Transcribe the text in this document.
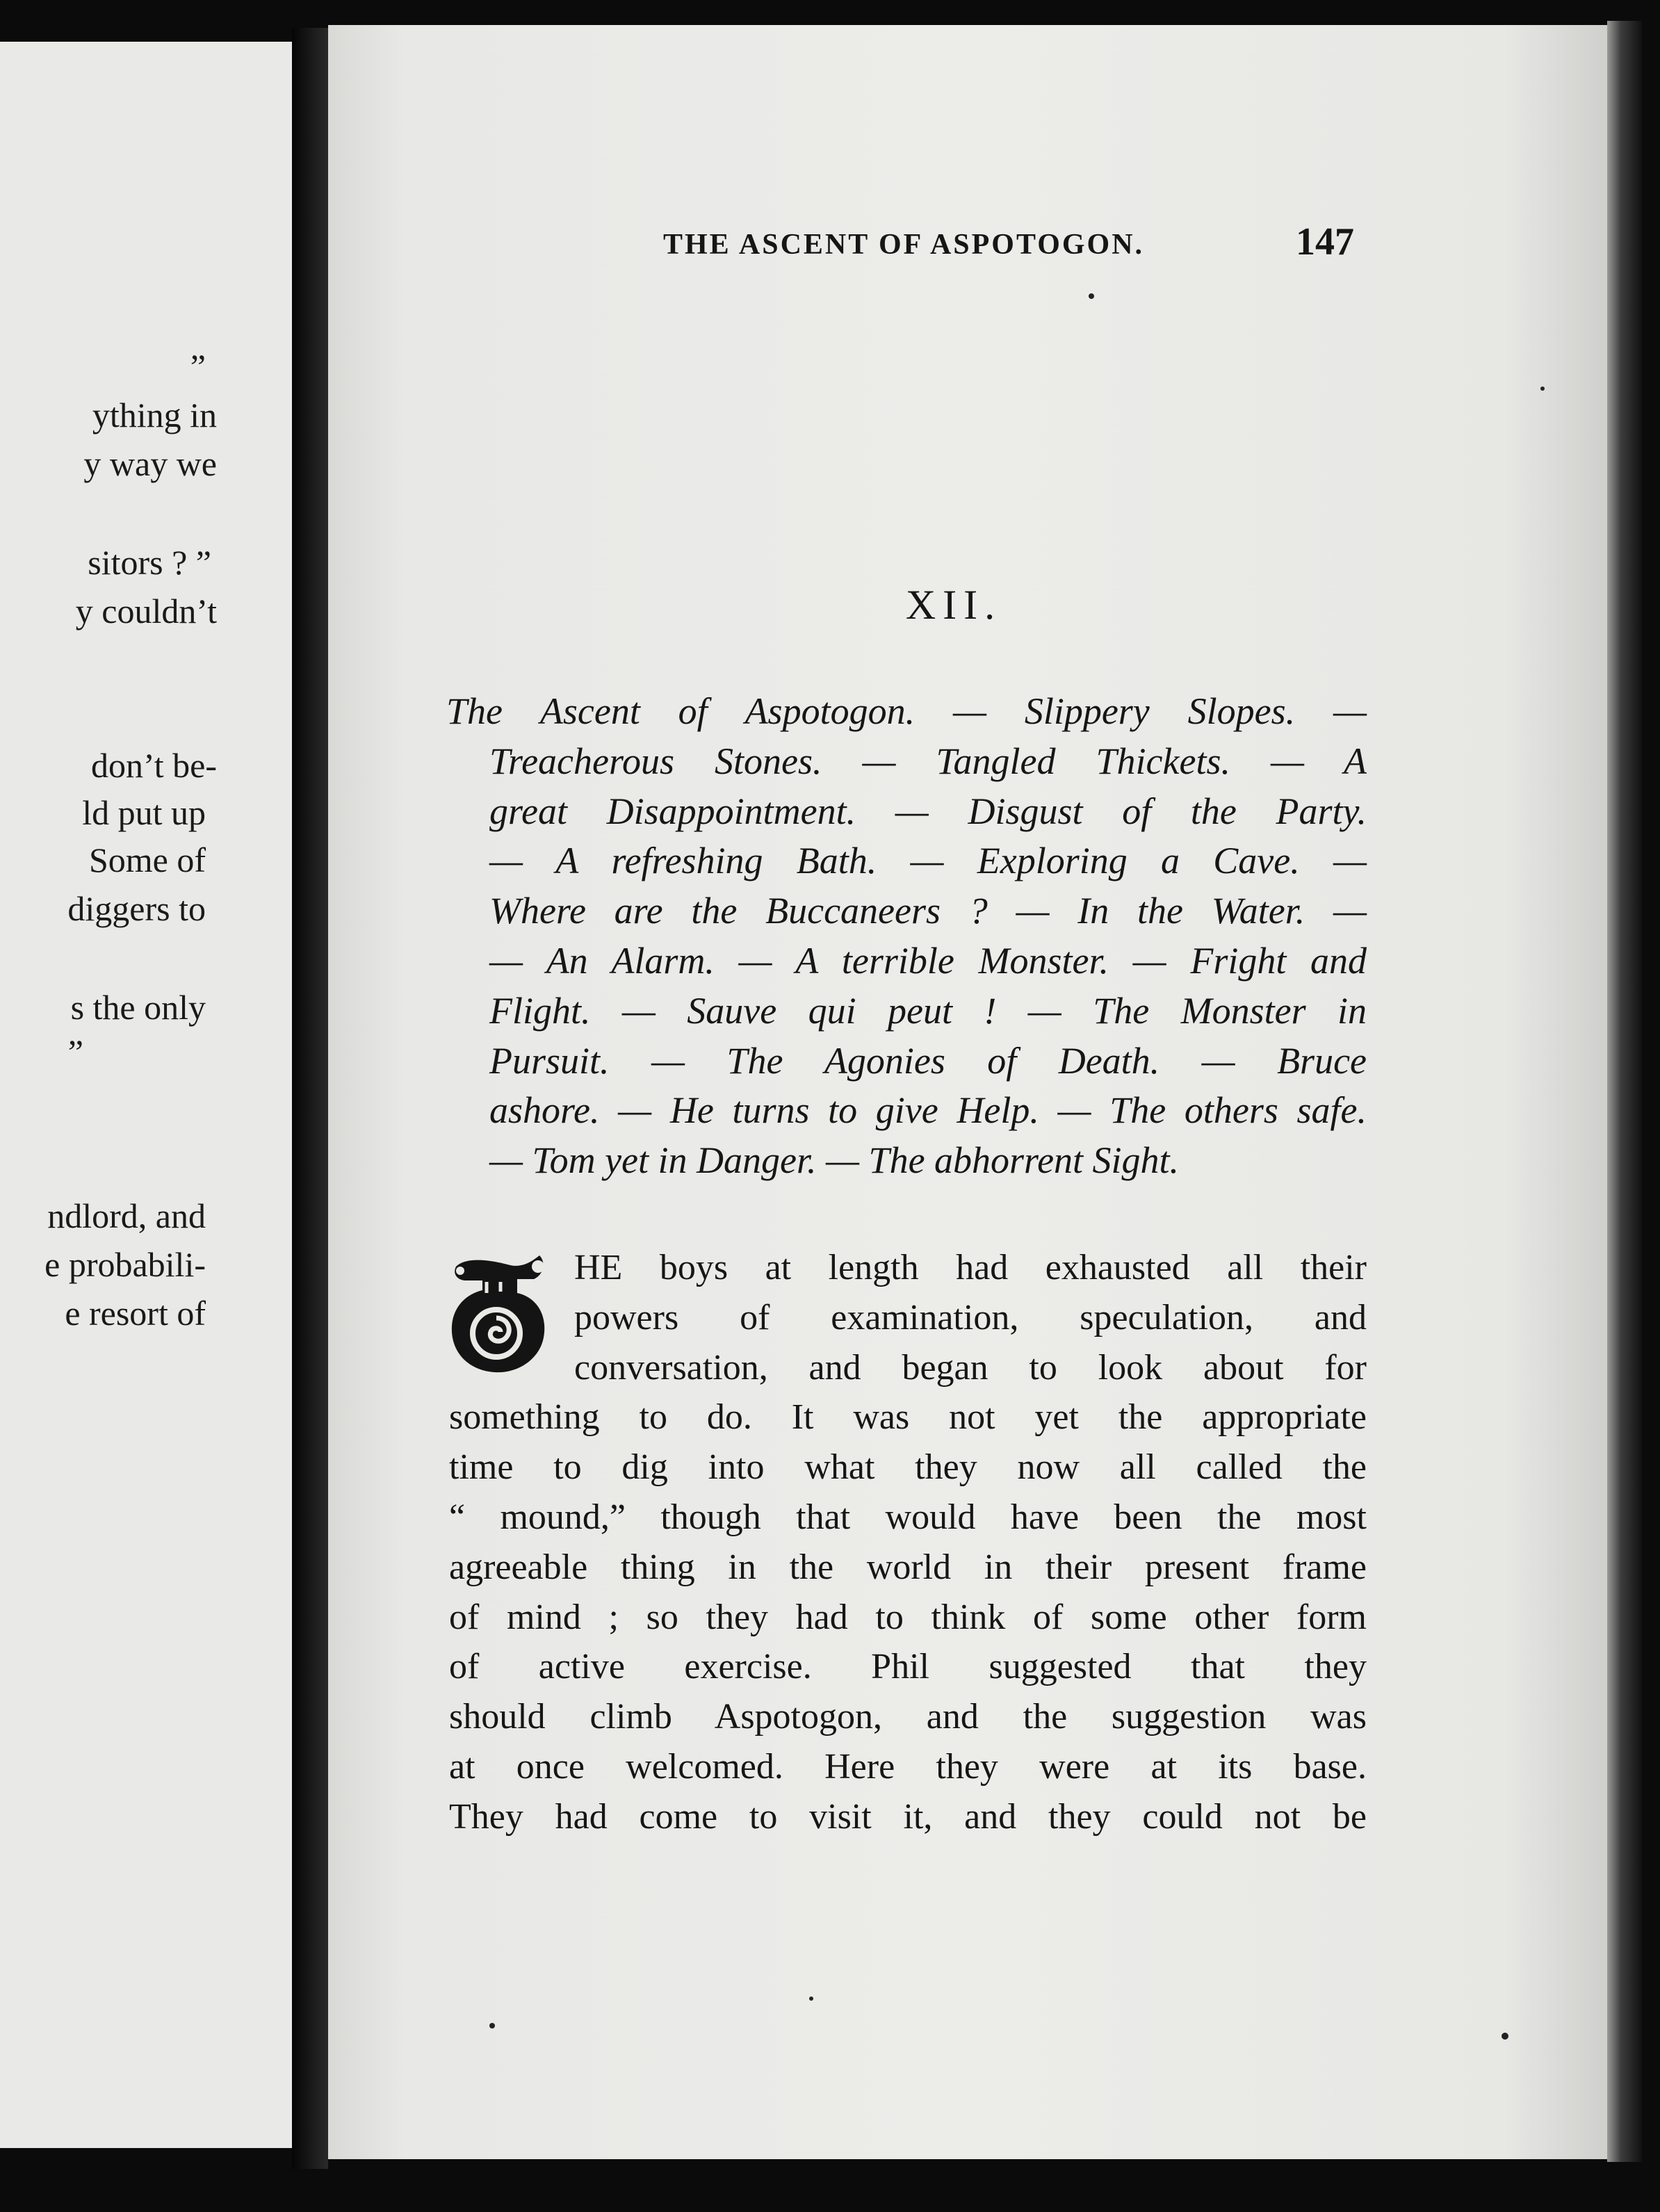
”
ything in
y way we
sitors ? ”
y couldn’t
don’t be-
ld put up
Some of
diggers to
s the only
”
ndlord, and
e probabili-
e resort of
THE ASCENT OF ASPOTOGON.	147
XII.
The Ascent of Aspotogon. — Slippery Slopes. —
Treacherous Stones. — Tangled Thickets. — A
great Disappointment. — Disgust of the Party.
— A refreshing Bath. — Exploring a Cave. —
Where are the Buccaneers ? — In the Water. —
— An Alarm. — A terrible Monster. — Fright and
Flight. — Sauve qui peut ! — The Monster in
Pursuit. — The Agonies of Death. — Bruce
ashore. — He turns to give Help. — The others safe.
— Tom yet in Danger. — The abhorrent Sight.
HE boys at length had exhausted all their
powers of examination, speculation, and
conversation, and began to look about for
something to do. It was not yet the appropriate
time to dig into what they now all called the
“ mound,” though that would have been the most
agreeable thing in the world in their present frame
of mind ; so they had to think of some other form
of active exercise. Phil suggested that they
should climb Aspotogon, and the suggestion was
at once welcomed. Here they were at its base.
They had come to visit it, and they could not be
